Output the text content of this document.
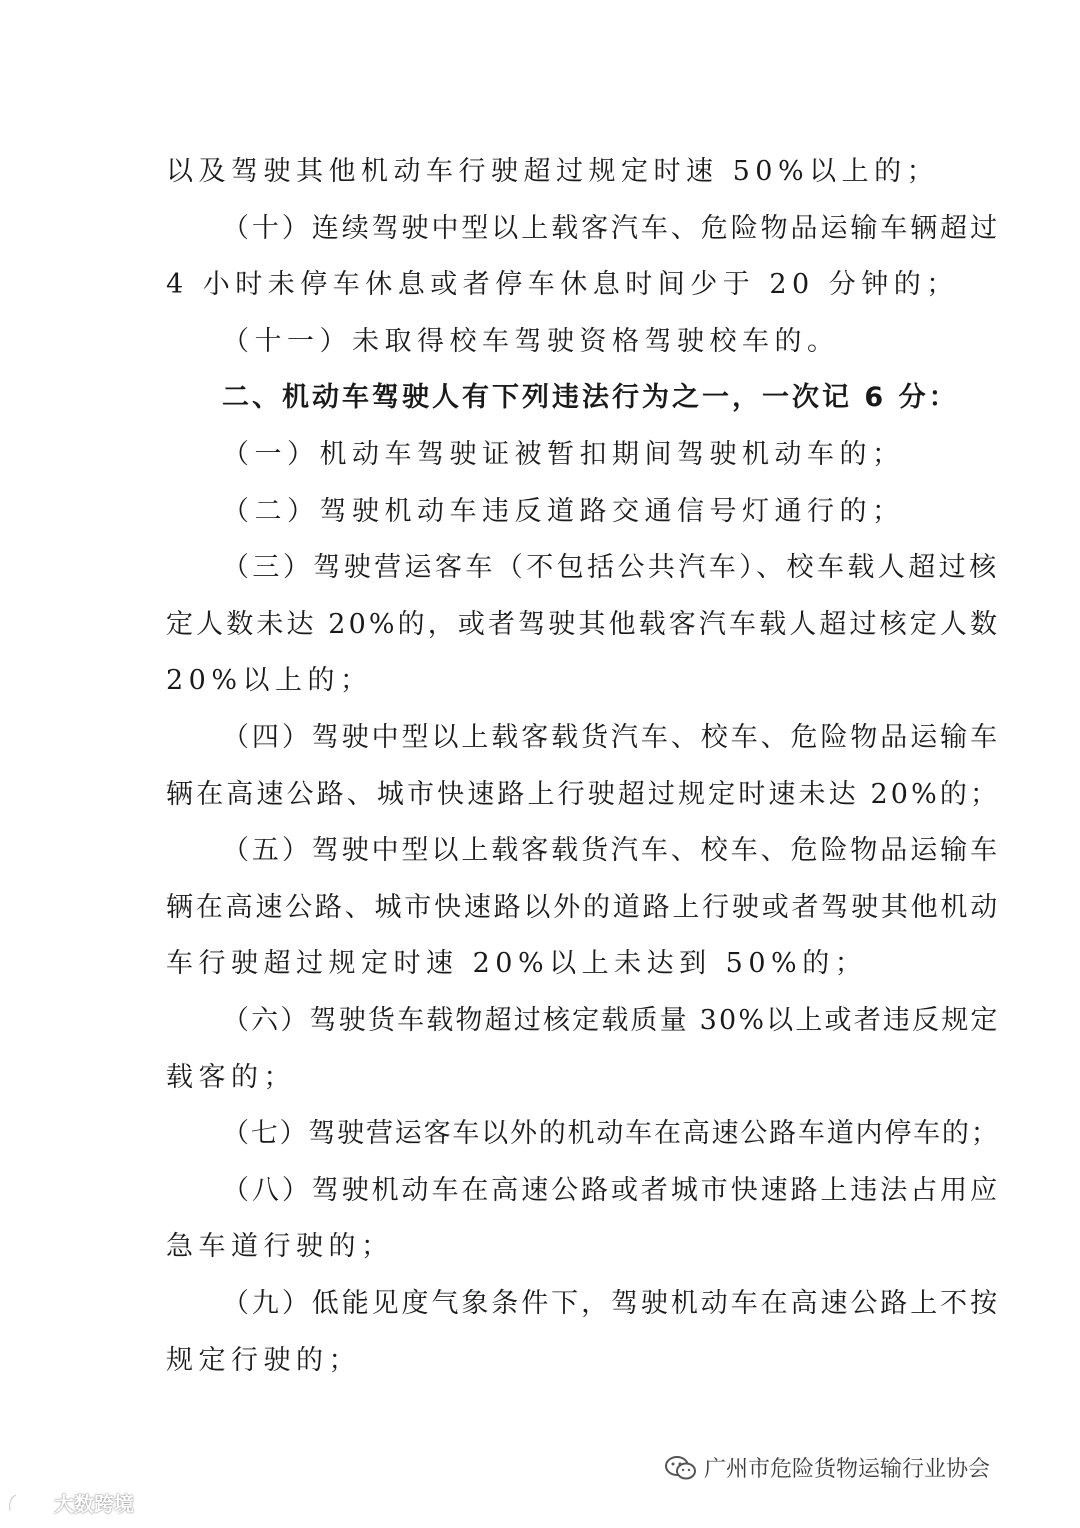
以及驾驶其他机动车行驶超过规定时速 50%以上的；
（十）连续驾驶中型以上载客汽车、危险物品运输车辆超过
4 小时未停车休息或者停车休息时间少于 20 分钟的；
（十一）未取得校车驾驶资格驾驶校车的。
二、机动车驾驶人有下列违法行为之一，一次记 6 分：
（一）机动车驾驶证被暂扣期间驾驶机动车的；
（二）驾驶机动车违反道路交通信号灯通行的；
（三）驾驶营运客车（不包括公共汽车）、校车载人超过核
定人数未达 20%的，或者驾驶其他载客汽车载人超过核定人数
20%以上的；
（四）驾驶中型以上载客载货汽车、校车、危险物品运输车
辆在高速公路、城市快速路上行驶超过规定时速未达 20%的；
（五）驾驶中型以上载客载货汽车、校车、危险物品运输车
辆在高速公路、城市快速路以外的道路上行驶或者驾驶其他机动
车行驶超过规定时速 20%以上未达到 50%的；
（六）驾驶货车载物超过核定载质量 30%以上或者违反规定
载客的；
（七）驾驶营运客车以外的机动车在高速公路车道内停车的；
（八）驾驶机动车在高速公路或者城市快速路上违法占用应
急车道行驶的；
（九）低能见度气象条件下，驾驶机动车在高速公路上不按
规定行驶的；
广州市危险货物运输行业协会
大数跨境
